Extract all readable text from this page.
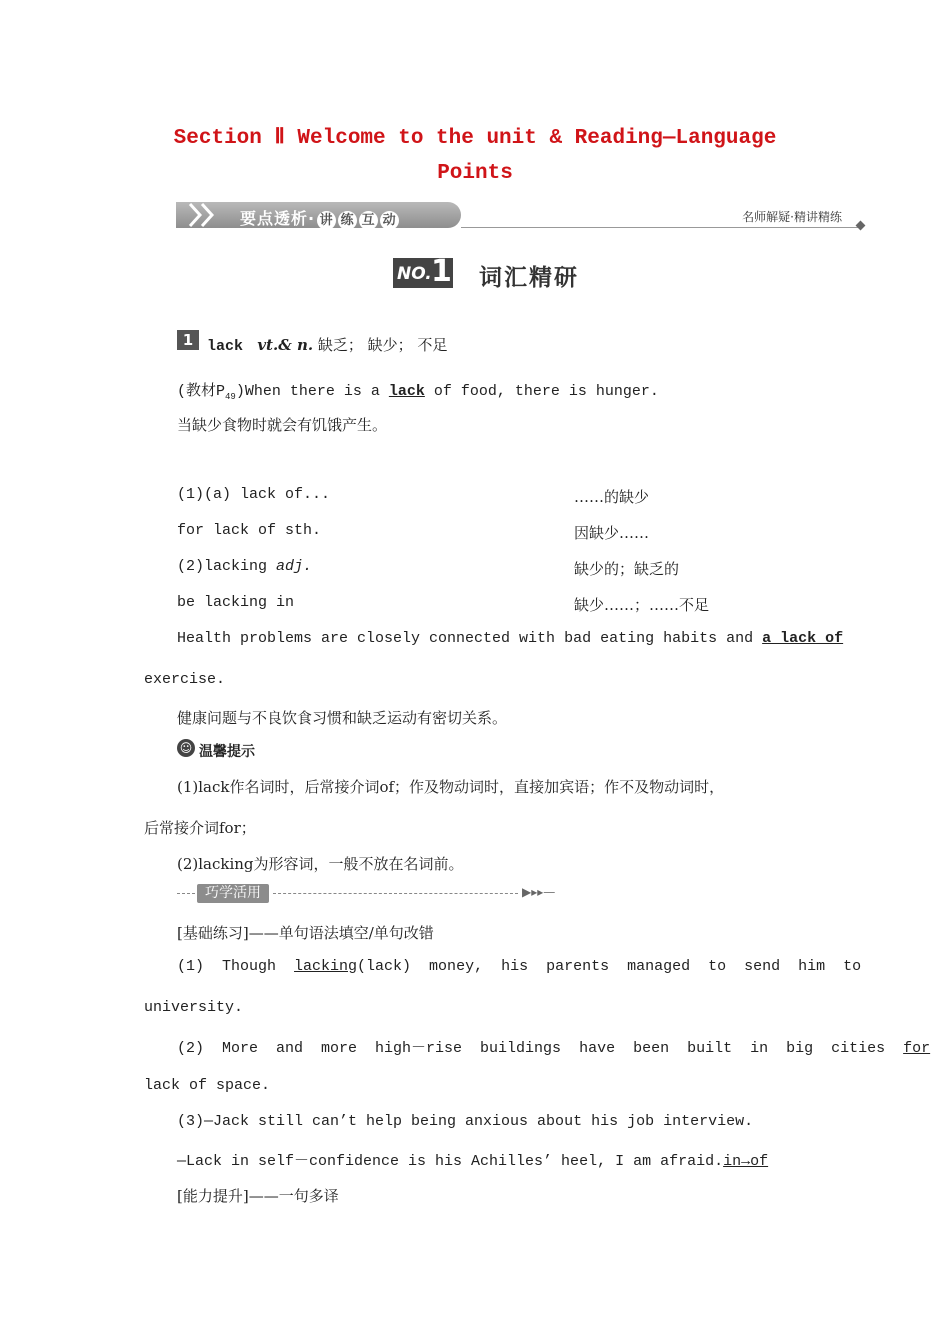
Section Ⅱ Welcome to the unit & Reading—Language
Points
要点透析· 讲 练 互 动	名师解疑·精讲精练
NO. 1 词汇精研
1 lack vt.& n. 缺乏； 缺少； 不足
(教材$P_{49})When$ there is a lack of food, there is hunger.
当缺少食物时就会有饥饿产生。
(1)(a) lack of...	……的缺少
for lack of sth.	因缺少……
(2)lacking adj.	缺少的；缺乏的
be lacking in	缺少……；……不足
Health problems are closely connected with bad eating habits and a lack of
exercise.
健康问题与不良饮食习惯和缺乏运动有密切关系。
☺ 温馨提示
(1)lack作名词时，后常接介词of；作及物动词时，直接加宾语；作不及物动词时，
后常接介词for；
(2)lacking为形容词，一般不放在名词前。
巧学活用	▶▸▸—
[基础练习]——单句语法填空/单句改错
(1)  Though  lacking(lack)  money,  his  parents  managed  to  send  him  to
university.
(2)  More  and  more  high－rise  buildings  have  been  built  in  big  cities  for
lack of space.
(3)—Jack still can’t help being anxious about his job interview.
—Lack in self－confidence is his Achilles’ heel, I am afraid.in→of
[能力提升]——一句多译
